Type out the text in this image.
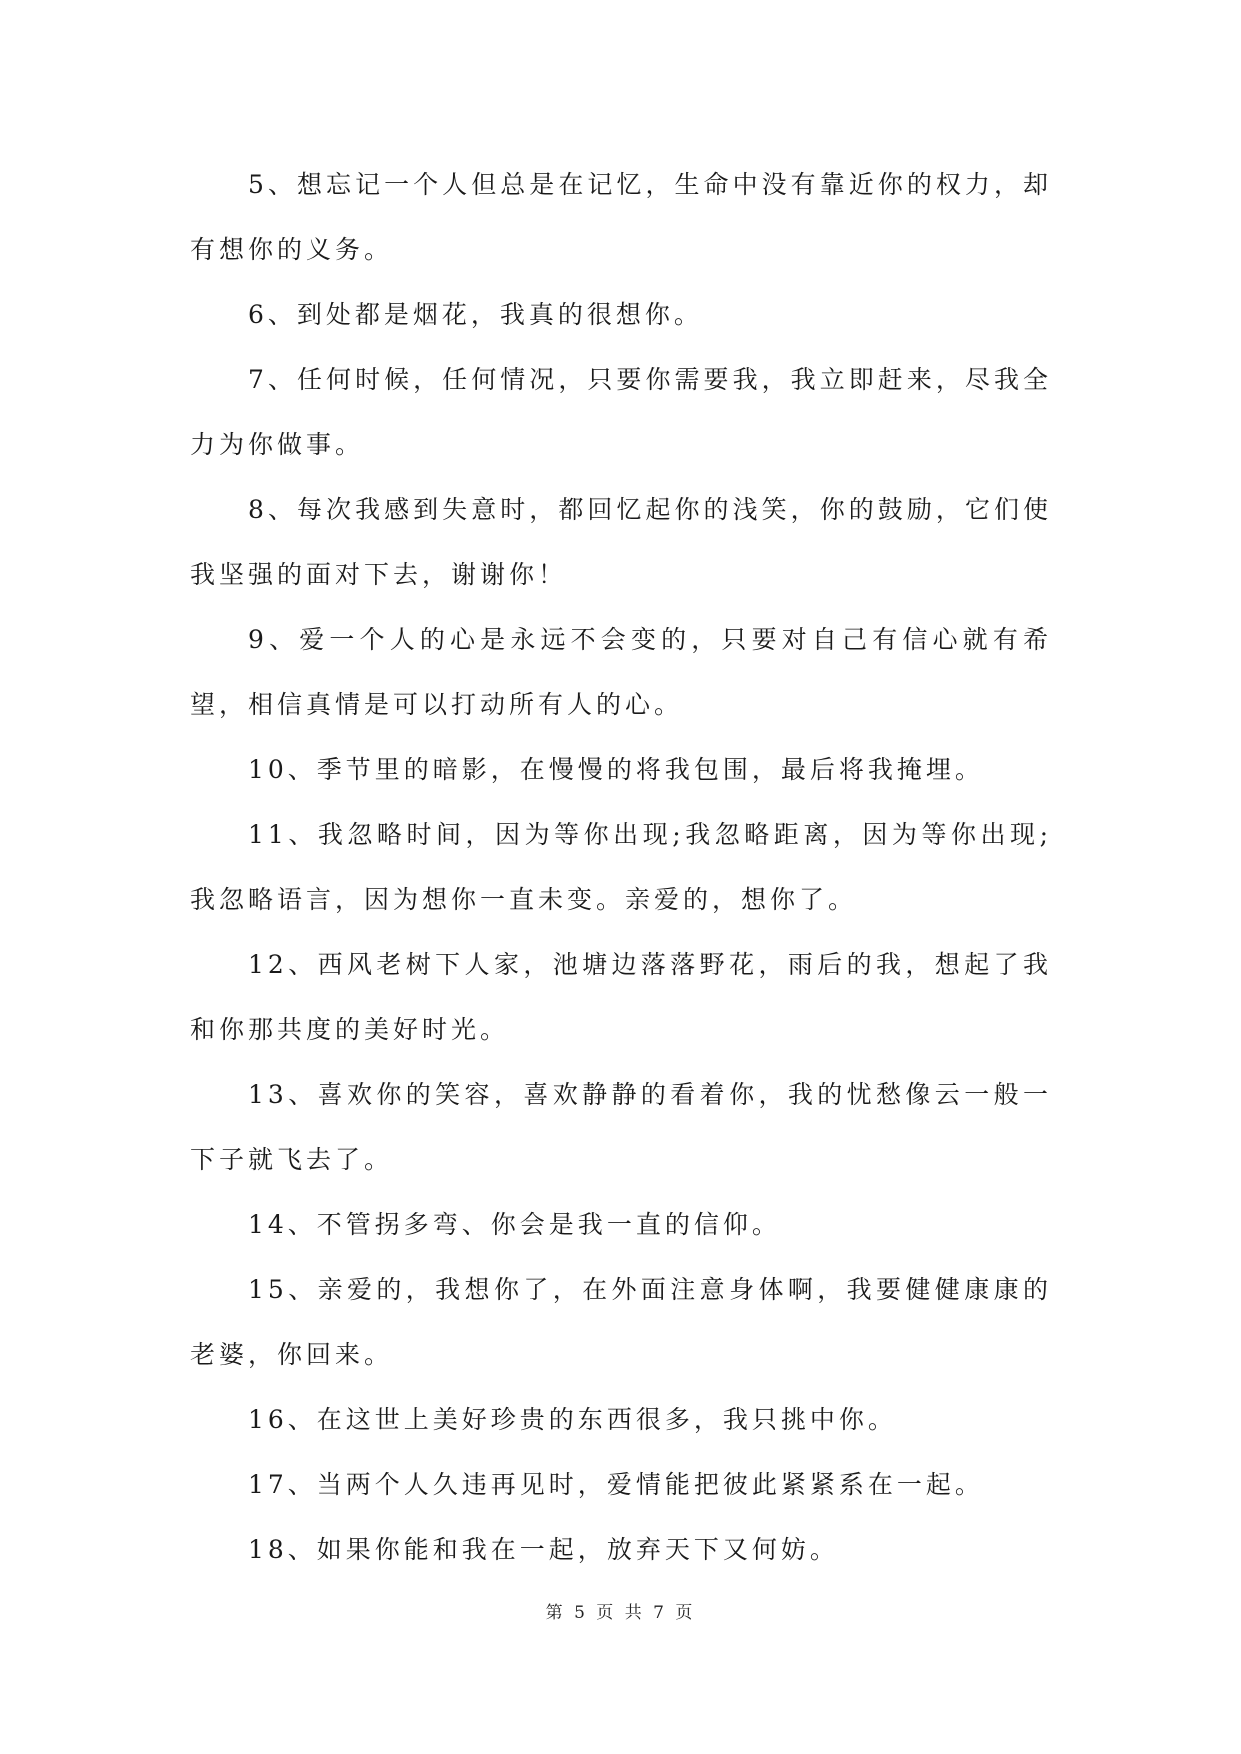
5、想忘记一个人但总是在记忆，生命中没有靠近你的权力，却有想你的义务。

6、到处都是烟花，我真的很想你。

7、任何时候，任何情况，只要你需要我，我立即赶来，尽我全力为你做事。

8、每次我感到失意时，都回忆起你的浅笑，你的鼓励，它们使我坚强的面对下去，谢谢你！

9、爱一个人的心是永远不会变的，只要对自己有信心就有希望，相信真情是可以打动所有人的心。

10、季节里的暗影，在慢慢的将我包围，最后将我掩埋。

11、我忽略时间，因为等你出现;我忽略距离，因为等你出现;我忽略语言，因为想你一直未变。亲爱的，想你了。

12、西风老树下人家，池塘边落落野花，雨后的我，想起了我和你那共度的美好时光。

13、喜欢你的笑容，喜欢静静的看着你，我的忧愁像云一般一下子就飞去了。

14、不管拐多弯、你会是我一直的信仰。

15、亲爱的，我想你了，在外面注意身体啊，我要健健康康的老婆，你回来。

16、在这世上美好珍贵的东西很多，我只挑中你。

17、当两个人久违再见时，爱情能把彼此紧紧系在一起。

18、如果你能和我在一起，放弃天下又何妨。

第 5 页 共 7 页
